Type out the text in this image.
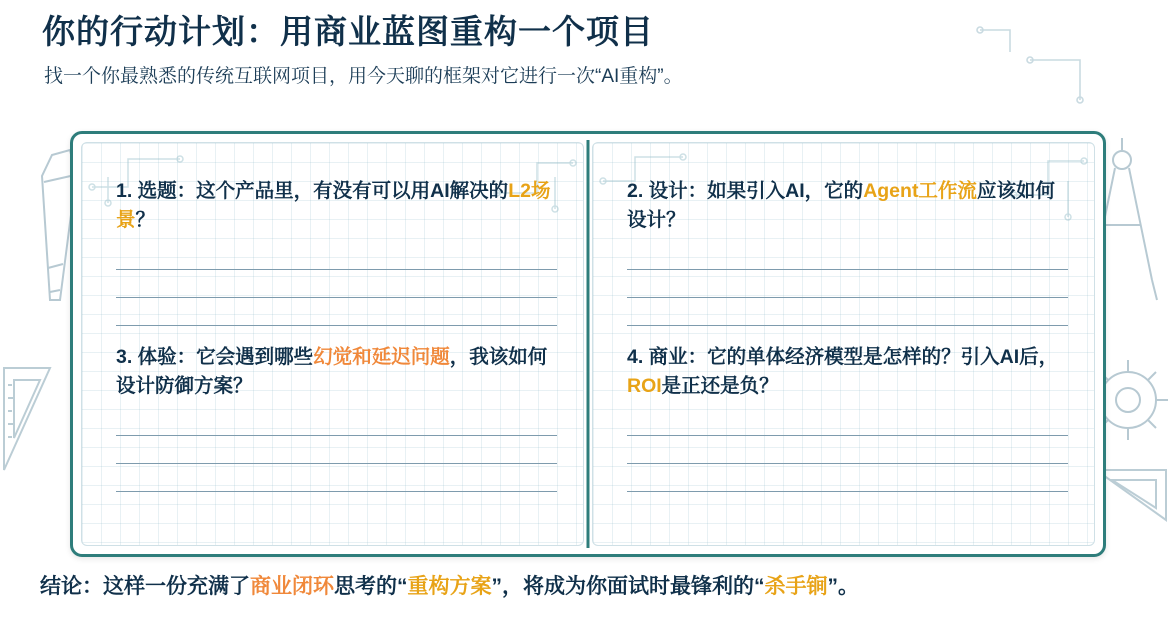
你的行动计划：用商业蓝图重构一个项目

找一个你最熟悉的传统互联网项目，用今天聊的框架对它进行一次“AI重构”。

1. 选题：这个产品里，有没有可以用AI解决的L2场景？

3. 体验：它会遇到哪些幻觉和延迟问题，我该如何设计防御方案？

2. 设计：如果引入AI，它的Agent工作流应该如何设计？

4. 商业：它的单体经济模型是怎样的？引入AI后，ROI是正还是负？

结论：这样一份充满了商业闭环思考的“重构方案”，将成为你面试时最锋利的“杀手锏”。
